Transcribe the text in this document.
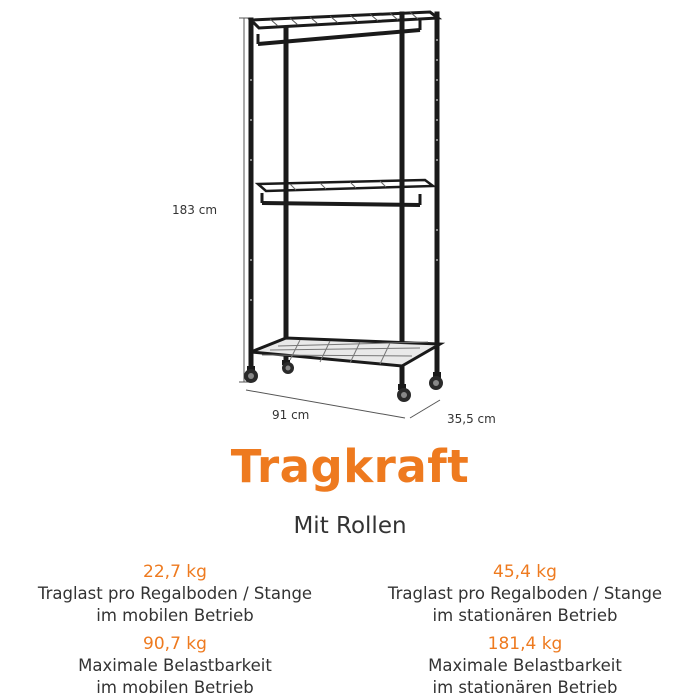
183 cm
91 cm	35,5 cm
Tragkraft
Mit Rollen
22,7 kg
Traglast pro Regalboden / Stange
im mobilen Betrieb
45,4 kg
Traglast pro Regalboden / Stange
im stationären Betrieb
90,7 kg
Maximale Belastbarkeit
im mobilen Betrieb
181,4 kg
Maximale Belastbarkeit
im stationären Betrieb
